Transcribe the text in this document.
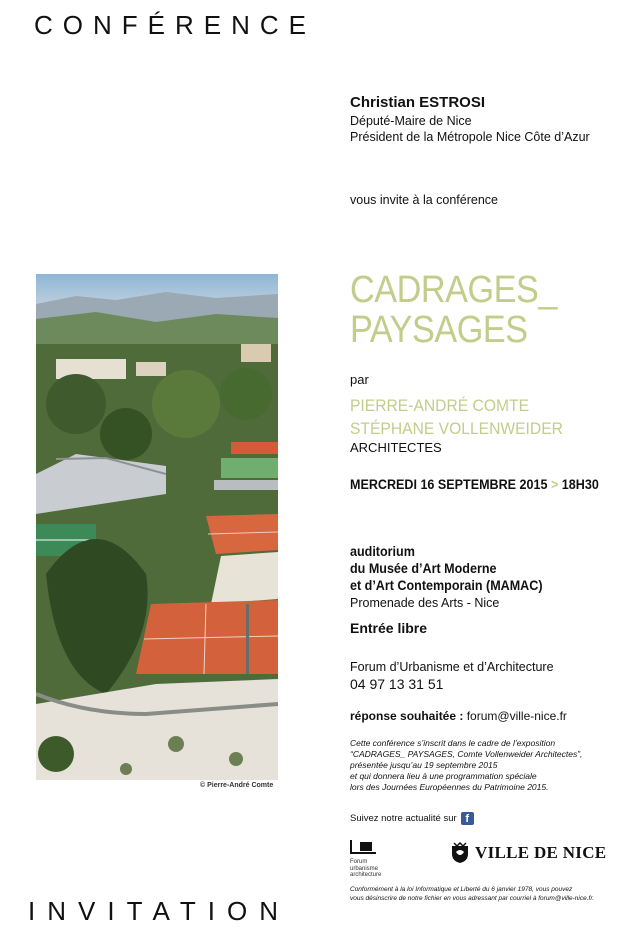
CONFÉRENCE
Christian ESTROSI
Député-Maire de Nice
Président de la Métropole Nice Côte d’Azur
vous invite à la conférence
© Pierre-André Comte
CADRAGES_
PAYSAGES
par
PIERRE-ANDRÉ COMTE
STÉPHANE VOLLENWEIDER
ARCHITECTES
MERCREDI 16 SEPTEMBRE 2015 > 18H30
auditorium
du Musée d’Art Moderne
et d’Art Contemporain (MAMAC)
Promenade des Arts - Nice
Entrée libre
Forum d’Urbanisme et d’Architecture
04 97 13 31 51
réponse souhaitée : forum@ville-nice.fr
Cette conférence s’inscrit dans le cadre de l’exposition
“CADRAGES_ PAYSAGES, Comte Vollenweider Architectes”,
présentée jusqu’au 19 septembre 2015
et qui donnera lieu à une programmation spéciale
lors des Journées Européennes du Patrimoine 2015.
Suivez notre actualité sur f
Forum
urbanisme
architecture
VILLE DE NICE
Conformément à la loi Informatique et Liberté du 6 janvier 1978, vous pouvez
vous désinscrire de notre fichier en vous adressant par courriel à forum@ville-nice.fr.
INVITATION
